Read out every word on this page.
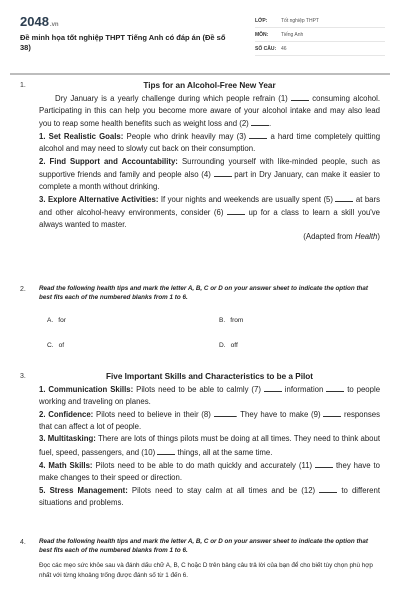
2048.vn
Đề minh họa tốt nghiệp THPT Tiếng Anh có đáp án (Đề số 38)
LỚP:	Tốt nghiệp THPT
MÔN:	Tiếng Anh
SỐ CÂU: 46
1.	Tips for an Alcohol-Free New Year
Dry January is a yearly challenge during which people refrain (1)	consuming alcohol. Participating in this can help you become more aware of your alcohol intake and may also lead you to reap some health benefits such as weight loss and (2)	.
1. Set Realistic Goals: People who drink heavily may (3)	a hard time completely quitting alcohol and may need to slowly cut back on their consumption.
2. Find Support and Accountability: Surrounding yourself with like-minded people, such as supportive friends and family and people also (4)	part in Dry January, can make it easier to complete a month without drinking.
3. Explore Alternative Activities: If your nights and weekends are usually spent (5)	at bars and other alcohol-heavy environments, consider (6)	up for a class to learn a skill you've always wanted to master.
(Adapted from Health)
2. Read the following health tips and mark the letter A, B, C or D on your answer sheet to indicate the option that best fits each of the numbered blanks from 1 to 6.
A. for	B. from
C. of	D. off
3.	Five Important Skills and Characteristics to be a Pilot
1. Communication Skills: Pilots need to be able to calmly (7)	information	to people working and traveling on planes.
2. Confidence: Pilots need to believe in their (8)	. They have to make (9)	responses that can affect a lot of people.
3. Multitasking: There are lots of things pilots must be doing at all times. They need to think about fuel, speed, passengers, and (10)	things, all at the same time.
4. Math Skills: Pilots need to be able to do math quickly and accurately (11)	they have to make changes to their speed or direction.
5. Stress Management: Pilots need to stay calm at all times and be (12)	to different situations and problems.
4. Read the following health tips and mark the letter A, B, C or D on your answer sheet to indicate the option that best fits each of the numbered blanks from 1 to 6.
Đọc các mẹo sức khỏe sau và đánh dấu chữ A, B, C hoặc D trên bảng câu trả lời của bạn để cho biết tùy chọn phù hợp nhất với từng khoảng trống được đánh số từ 1 đến 6.
